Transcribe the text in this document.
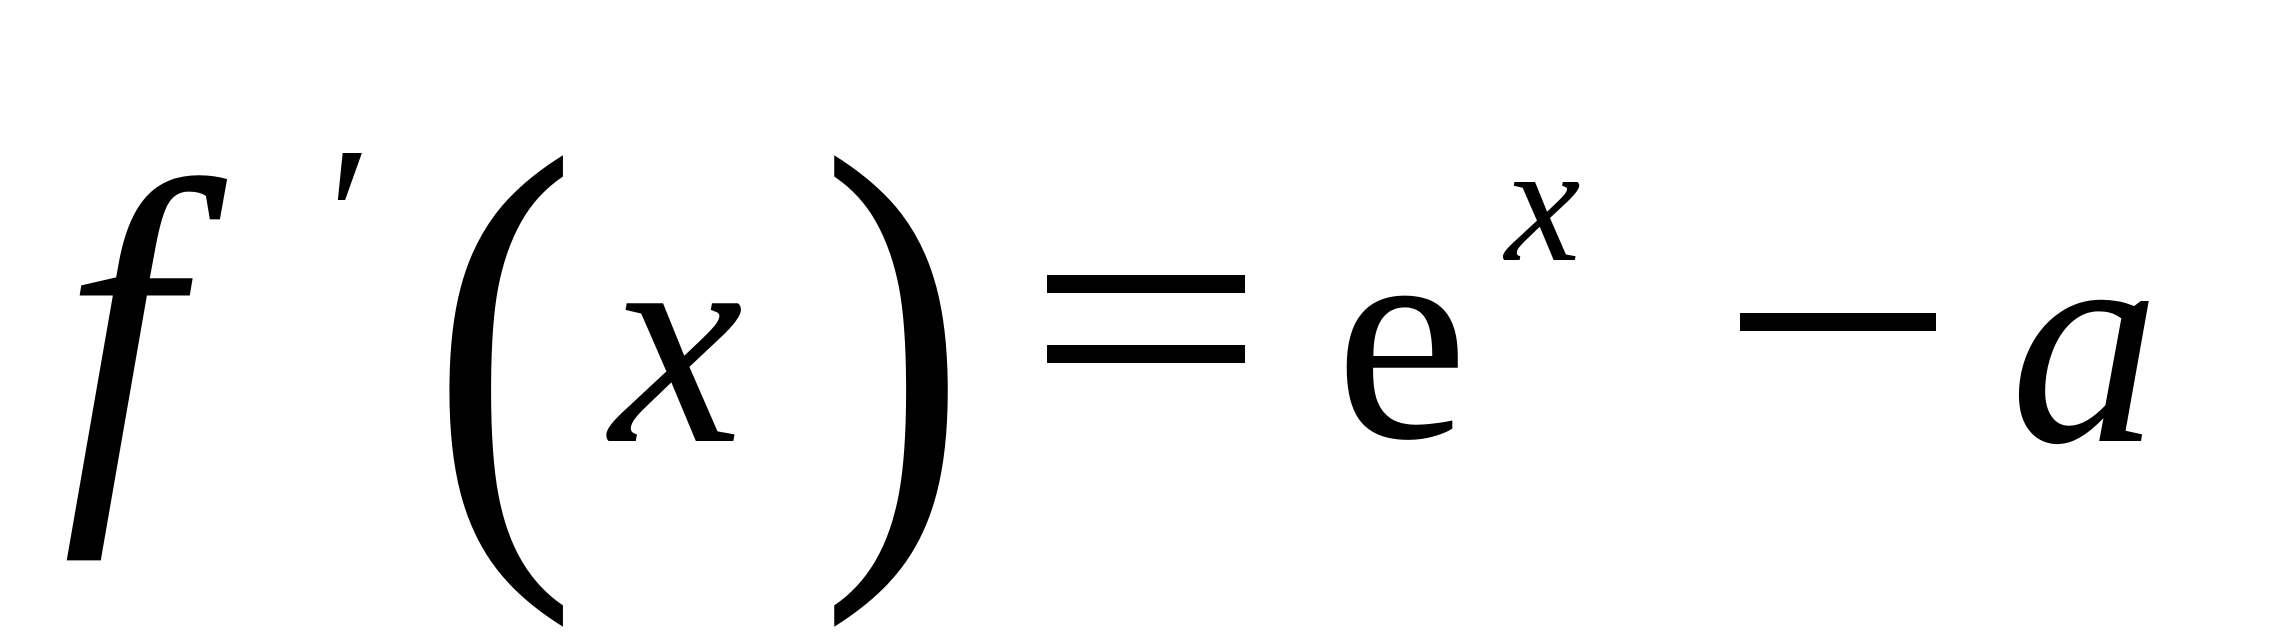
f ′ ( x ) e x a
